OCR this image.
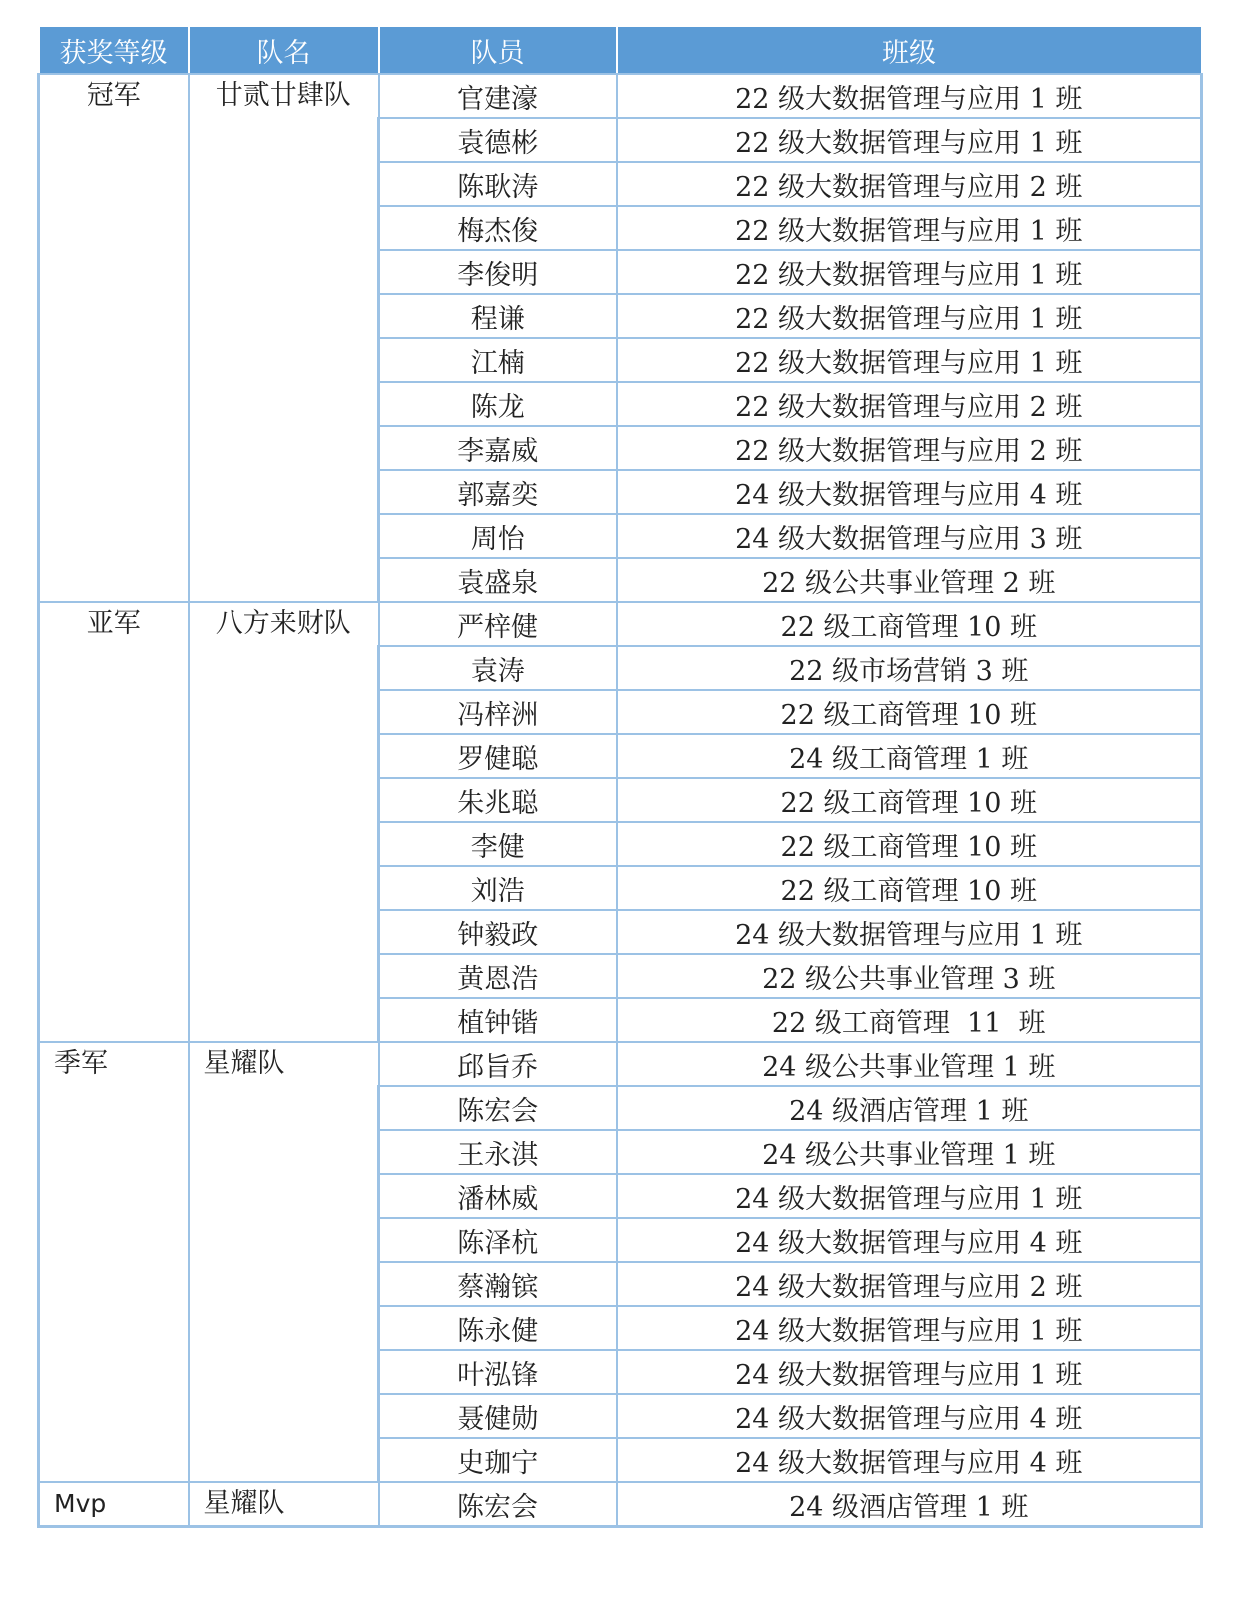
获奖等级	队名	队员	班级
冠军	廿贰廿肆队	官建濠	22 级大数据管理与应用 1 班
		袁德彬	22 级大数据管理与应用 1 班
		陈耿涛	22 级大数据管理与应用 2 班
		梅杰俊	22 级大数据管理与应用 1 班
		李俊明	22 级大数据管理与应用 1 班
		程谦	22 级大数据管理与应用 1 班
		江楠	22 级大数据管理与应用 1 班
		陈龙	22 级大数据管理与应用 2 班
		李嘉威	22 级大数据管理与应用 2 班
		郭嘉奕	24 级大数据管理与应用 4 班
		周怡	24 级大数据管理与应用 3 班
		袁盛泉	22 级公共事业管理 2 班
亚军	八方来财队	严梓健	22 级工商管理 10 班
		袁涛	22 级市场营销 3 班
		冯梓洲	22 级工商管理 10 班
		罗健聪	24 级工商管理 1 班
		朱兆聪	22 级工商管理 10 班
		李健	22 级工商管理 10 班
		刘浩	22 级工商管理 10 班
		钟毅政	24 级大数据管理与应用 1 班
		黄恩浩	22 级公共事业管理 3 班
		植钟锴	22 级工商管理  11  班
季军	星耀队	邱旨乔	24 级公共事业管理 1 班
		陈宏会	24 级酒店管理 1 班
		王永淇	24 级公共事业管理 1 班
		潘林威	24 级大数据管理与应用 1 班
		陈泽杭	24 级大数据管理与应用 4 班
		蔡瀚镔	24 级大数据管理与应用 2 班
		陈永健	24 级大数据管理与应用 1 班
		叶泓锋	24 级大数据管理与应用 1 班
		聂健勋	24 级大数据管理与应用 4 班
		史珈宁	24 级大数据管理与应用 4 班
Mvp	星耀队	陈宏会	24 级酒店管理 1 班
